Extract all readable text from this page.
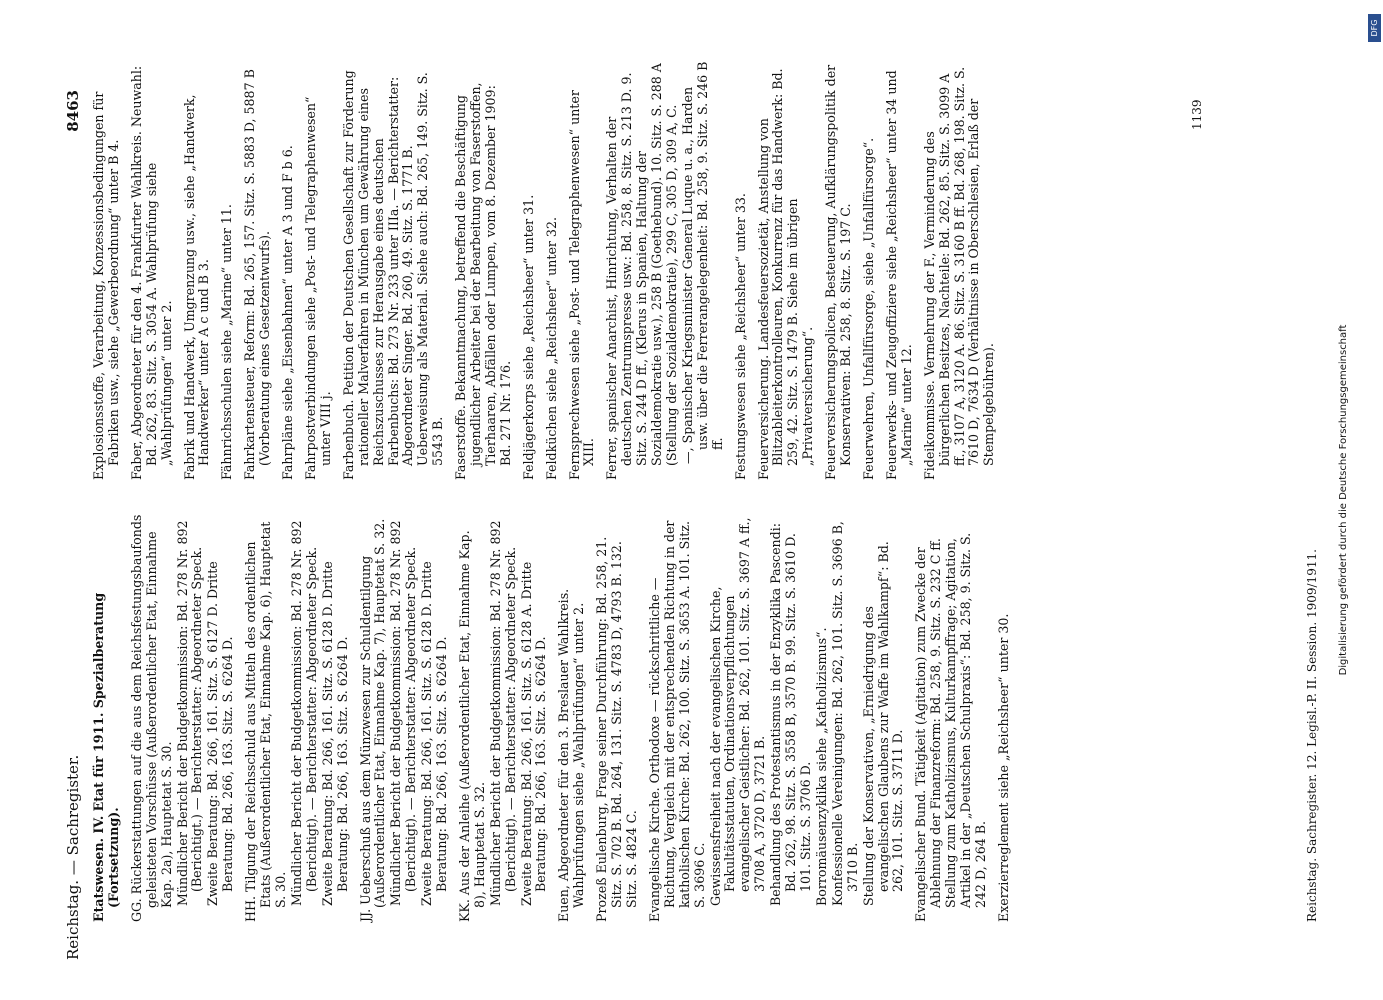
Reichstag. — Sachregister.
8463

Etatswesen. IV. Etat für 1911. Spezialberatung (Fortsetzung). GG. Rückerstattungen auf die aus dem Reichsfestungsbaufonds geleisteten Vorschüsse (Außerordentlicher Etat, Einnahme Kap. 2a), Hauptetat S. 30. Mündlicher Bericht der Budgetkommission: Bd. 278 Nr. 892 (Berichtigt.) — Berichterstatter: Abgeordneter Speck. Zweite Beratung: Bd. 266, 161. Sitz. S. 6127 D. Dritte Beratung: Bd. 266, 163. Sitz. S. 6264 D. HH. Tilgung der Reichsschuld aus Mitteln des ordentlichen Etats (Außerordentlicher Etat, Einnahme Kap. 6), Hauptetat S. 30. Mündlicher Bericht der Budgetkommission: Bd. 278 Nr. 892 (Berichtigt). — Berichterstatter: Abgeordneter Speck. Zweite Beratung: Bd. 266, 161. Sitz. S. 6128 D. Dritte Beratung: Bd. 266, 163. Sitz. S. 6264 D. JJ. Ueberschuß aus dem Münzwesen zur Schuldentilgung (Außerordentlicher Etat, Einnahme Kap. 7), Hauptetat S. 32. Mündlicher Bericht der Budgetkommission: Bd. 278 Nr. 892 (Berichtigt). — Berichterstatter: Abgeordneter Speck. Zweite Beratung: Bd. 266, 161. Sitz. S. 6128 D. Dritte Beratung: Bd. 266, 163. Sitz. S. 6264 D. KK. Aus der Anleihe (Außerordentlicher Etat, Einnahme Kap. 8), Hauptetat S. 32. Mündlicher Bericht der Budgetkommission: Bd. 278 Nr. 892 (Berichtigt). — Berichterstatter: Abgeordneter Speck. Zweite Beratung: Bd. 266, 161. Sitz. S. 6128 A. Dritte Beratung: Bd. 266, 163. Sitz. S. 6264 D. Euen, Abgeordneter für den 3. Breslauer Wahlkreis. Wahlprüfungen siehe „Wahlprüfungen“ unter 2. Prozeß Eulenburg, Frage seiner Durchführung: Bd. 258, 21. Sitz. S. 702 B. Bd. 264, 131. Sitz. S. 4783 D, 4793 B. 132. Sitz. S. 4824 C. Evangelische Kirche. Orthodoxe — rückschrittliche — Richtung, Vergleich mit der entsprechenden Richtung in der katholischen Kirche: Bd. 262, 100. Sitz. S. 3653 A. 101. Sitz. S. 3696 C. Gewissensfreiheit nach der evangelischen Kirche, Fakultätsstatuten, Ordinationsverpflichtungen evangelischer Geistlicher: Bd. 262, 101. Sitz. S. 3697 A ff., 3708 A, 3720 D, 3721 B. Behandlung des Protestantismus in der Enzyklika Pascendi: Bd. 262, 98. Sitz. S. 3558 B, 3570 B. 99. Sitz. S. 3610 D. 101. Sitz. S. 3706 D. Borromäusenzyklika siehe „Katholizismus“. Konfessionelle Vereinigungen: Bd. 262, 101. Sitz. S. 3696 B, 3710 B. Stellung der Konservativen, „Erniedrigung des evangelischen Glaubens zur Waffe im Wahlkampf“: Bd. 262, 101. Sitz. S. 3711 D. Evangelischer Bund. Tätigkeit (Agitation) zum Zwecke der Ablehnung der Finanzreform: Bd. 258, 9. Sitz. S. 232 C ff. Stellung zum Katholizismus, Kulturkampffrage; Agitation, Artikel in der „Deutschen Schulpraxis“: Bd. 258, 9. Sitz. S. 242 D, 264 B. Exerzierreglement siehe „Reichsheer“ unter 30.

Explosionsstoffe, Verarbeitung, Konzessionsbedingungen für Fabriken usw., siehe „Gewerbeordnung“ unter B 4. Faber, Abgeordneter für den 4. Frankfurter Wahlkreis. Neuwahl: Bd. 262, 83. Sitz. S. 3054 A. Wahlprüfung siehe „Wahlprüfungen“ unter 2. Fabrik und Handwerk, Umgrenzung usw., siehe „Handwerk, Handwerker“ unter A c und B 3. Fähnrichsschulen siehe „Marine“ unter 11. Fahrkartensteuer, Reform: Bd. 265, 157. Sitz. S. 5883 D, 5887 B (Vorberatung eines Gesetzentwurfs). Fahrpläne siehe „Eisenbahnen“ unter A 3 und F b 6. Fahrpostverbindungen siehe „Post- und Telegraphenwesen“ unter VIII j. Farbenbuch. Petition der Deutschen Gesellschaft zur Förderung rationeller Malverfahren in München um Gewährung eines Reichszuschusses zur Herausgabe eines deutschen Farbenbuchs: Bd. 273 Nr. 233 unter IIIa. — Berichterstatter: Abgeordneter Singer. Bd. 260, 49. Sitz. S. 1771 B. Ueberweisung als Material. Siehe auch: Bd. 265, 149. Sitz. S. 5543 B. Faserstoffe. Bekanntmachung, betreffend die Beschäftigung jugendlicher Arbeiter bei der Bearbeitung von Faserstoffen, Tierhaaren, Abfällen oder Lumpen, vom 8. Dezember 1909: Bd. 271 Nr. 176. Feldjägerkorps siehe „Reichsheer“ unter 31. Feldküchen siehe „Reichsheer“ unter 32. Fernsprechwesen siehe „Post- und Telegraphenwesen“ unter XIII. Ferrer, spanischer Anarchist, Hinrichtung, Verhalten der deutschen Zentrumspresse usw.: Bd. 258, 8. Sitz. S. 213 D. 9. Sitz. S. 244 D ff., (Klerus in Spanien, Haltung der Sozialdemokratie usw.), 258 B (Goethebund). 10. Sitz. S. 288 A (Stellung der Sozialdemokratie), 299 C, 305 D, 309 A, C. —, Spanischer Kriegsminister General Luque u. a., Harden usw. über die Ferrerangelegenheit: Bd. 258, 9. Sitz. S. 246 B ff. Festungswesen siehe „Reichsheer“ unter 33. Feuerversicherung. Landesfeuersozietät, Anstellung von Blitzableiterkontrolleuren, Konkurrenz für das Handwerk: Bd. 259, 42. Sitz. S. 1479 B. Siehe im übrigen „Privatversicherung“. Feuerversicherungspolicen, Besteuerung, Aufklärungspolitik der Konservativen: Bd. 258, 8. Sitz. S. 197 C. Feuerwehren, Unfallfürsorge, siehe „Unfallfürsorge“. Feuerwerks- und Zeugoffiziere siehe „Reichsheer“ unter 34 und „Marine“ unter 12. Fideikommisse. Vermehrung der F., Verminderung des bürgerlichen Besitzes, Nachteile: Bd. 262, 85. Sitz. S. 3099 A ff., 3107 A, 3120 A. 86. Sitz. S. 3160 B ff. Bd. 268, 198. Sitz. S. 7610 D, 7634 D (Verhältnisse in Oberschlesien, Erlaß der Stempelgebühren).

Reichstag. Sachregister. 12. Legisl.-P. II. Session. 1909/1911.
1139
Digitalisierung gefördert durch die Deutsche Forschungsgemeinschaft
DFG
